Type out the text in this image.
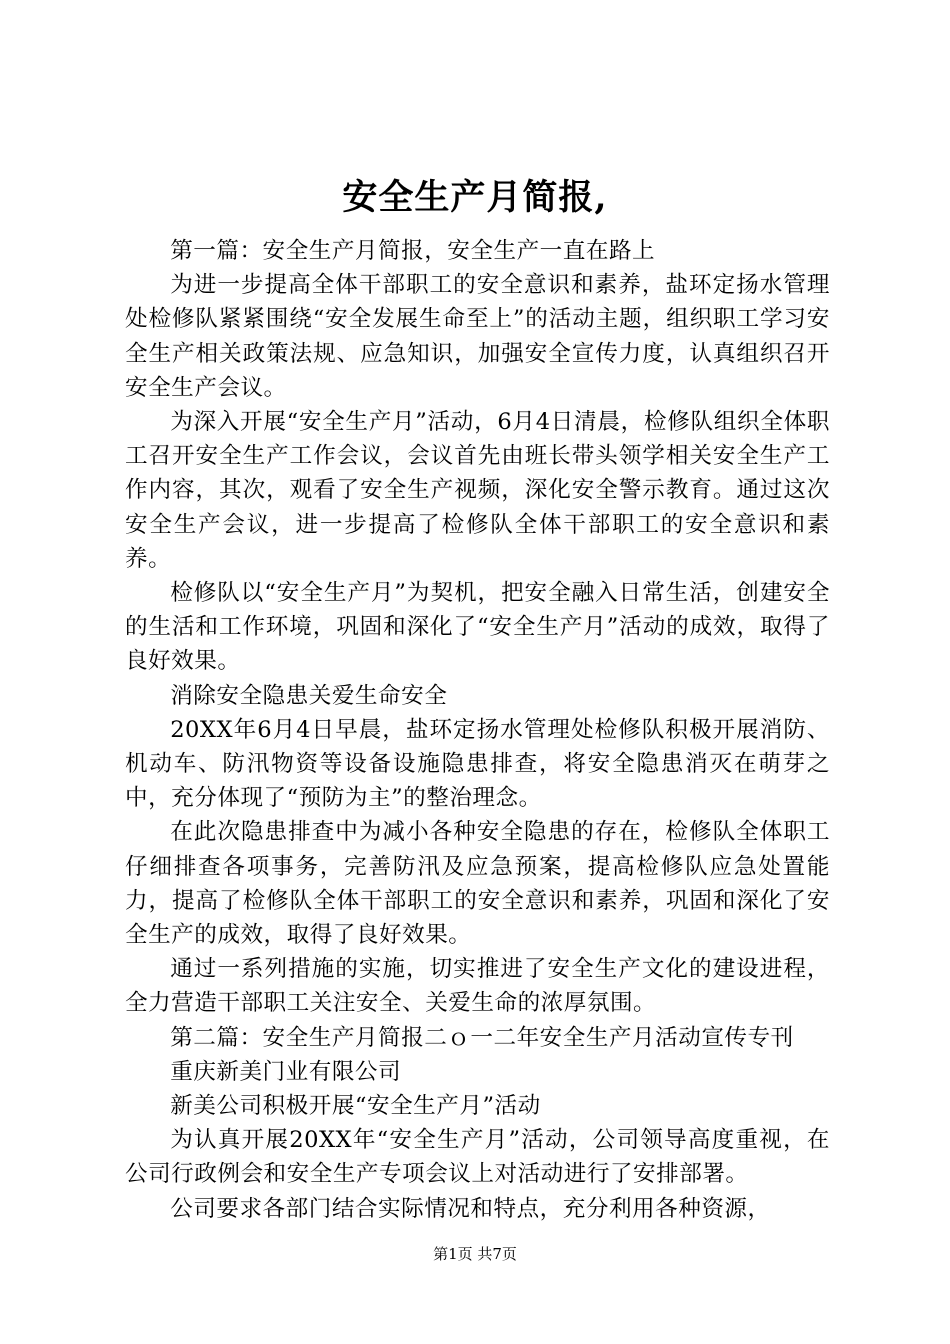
安全生产月简报,

第一篇：安全生产月简报，安全生产一直在路上

为进一步提高全体干部职工的安全意识和素养，盐环定扬水管理处检修队紧紧围绕“安全发展生命至上”的活动主题，组织职工学习安全生产相关政策法规、应急知识，加强安全宣传力度，认真组织召开安全生产会议。

为深入开展“安全生产月”活动，6月4日清晨，检修队组织全体职工召开安全生产工作会议，会议首先由班长带头领学相关安全生产工作内容，其次，观看了安全生产视频，深化安全警示教育。通过这次安全生产会议，进一步提高了检修队全体干部职工的安全意识和素养。

检修队以“安全生产月”为契机，把安全融入日常生活，创建安全的生活和工作环境，巩固和深化了“安全生产月”活动的成效，取得了良好效果。

消除安全隐患关爱生命安全

20XX年6月4日早晨，盐环定扬水管理处检修队积极开展消防、机动车、防汛物资等设备设施隐患排查，将安全隐患消灭在萌芽之中，充分体现了“预防为主”的整治理念。

在此次隐患排查中为减小各种安全隐患的存在，检修队全体职工仔细排查各项事务，完善防汛及应急预案，提高检修队应急处置能力，提高了检修队全体干部职工的安全意识和素养，巩固和深化了安全生产的成效，取得了良好效果。

通过一系列措施的实施，切实推进了安全生产文化的建设进程，全力营造干部职工关注安全、关爱生命的浓厚氛围。

第二篇：安全生产月简报二ｏ一二年安全生产月活动宣传专刊

重庆新美门业有限公司

新美公司积极开展“安全生产月”活动

为认真开展20XX年“安全生产月”活动，公司领导高度重视，在公司行政例会和安全生产专项会议上对活动进行了安排部署。

公司要求各部门结合实际情况和特点，充分利用各种资源，

第1页 共7页
